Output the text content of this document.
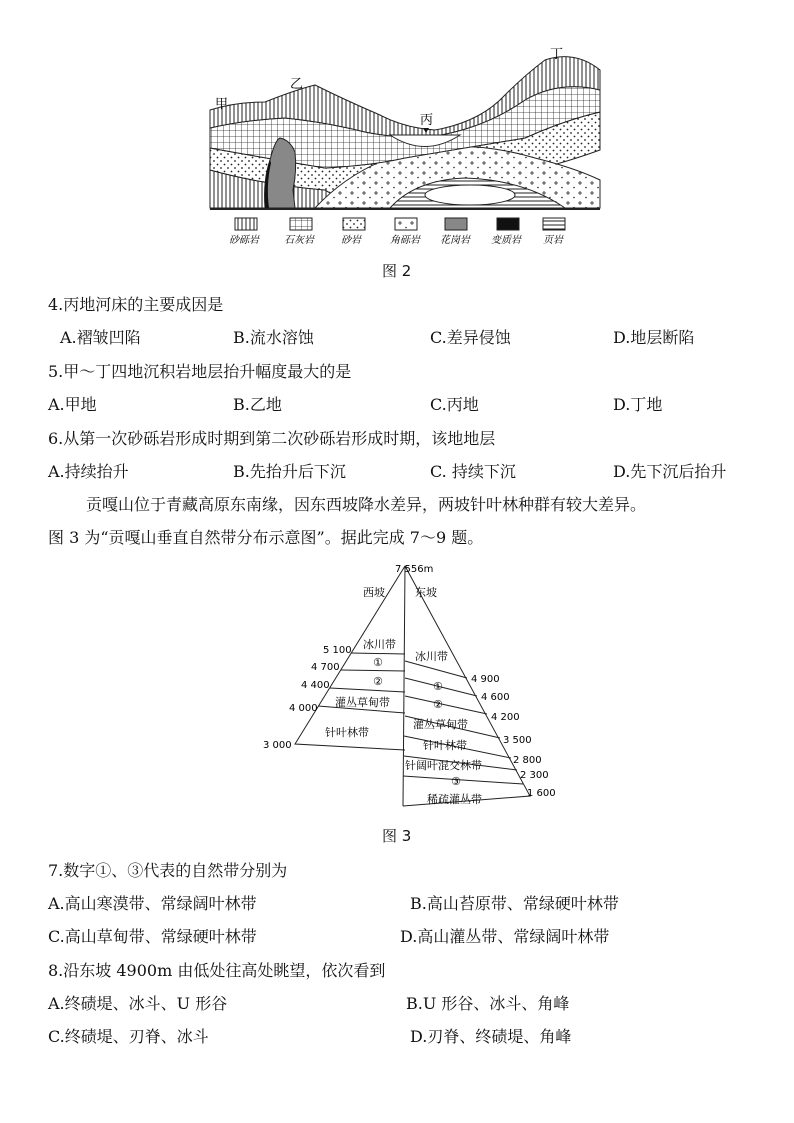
甲
乙
丙
丁
砂砾岩	石灰岩	砂岩	角砾岩 花岗岩 变质岩 页岩
图 2
4.丙地河床的主要成因是
A.褶皱凹陷	B.流水溶蚀	C.差异侵蚀	D.地层断陷
5.甲～丁四地沉积岩地层抬升幅度最大的是
A.甲地	B.乙地	C.丙地	D.丁地
6.从第一次砂砾岩形成时期到第二次砂砾岩形成时期，该地地层
A.持续抬升	B.先抬升后下沉	C. 持续下沉	D.先下沉后抬升
贡嘎山位于青藏高原东南缘，因东西坡降水差异，两坡针叶林种群有较大差异。
图 3 为“贡嘎山垂直自然带分布示意图”。据此完成 7～9 题。
7 556m
西坡	东坡
5 100
4 700
4 400
4 000
3 000
4 900
4 600
4 200
3 500
2 800
2 300
1 600
冰川带
①
②
灌丛草甸带
针叶林带
冰川带
①
②
灌丛草甸带
针叶林带
针阔叶混交林带
③
稀疏灌丛带
图 3
7.数字①、③代表的自然带分别为
A.高山寒漠带、常绿阔叶林带	B.高山苔原带、常绿硬叶林带
C.高山草甸带、常绿硬叶林带	D.高山灌丛带、常绿阔叶林带
8.沿东坡 4900m 由低处往高处眺望，依次看到
A.终碛堤、冰斗、U 形谷	B.U 形谷、冰斗、角峰
C.终碛堤、刃脊、冰斗	D.刃脊、终碛堤、角峰
